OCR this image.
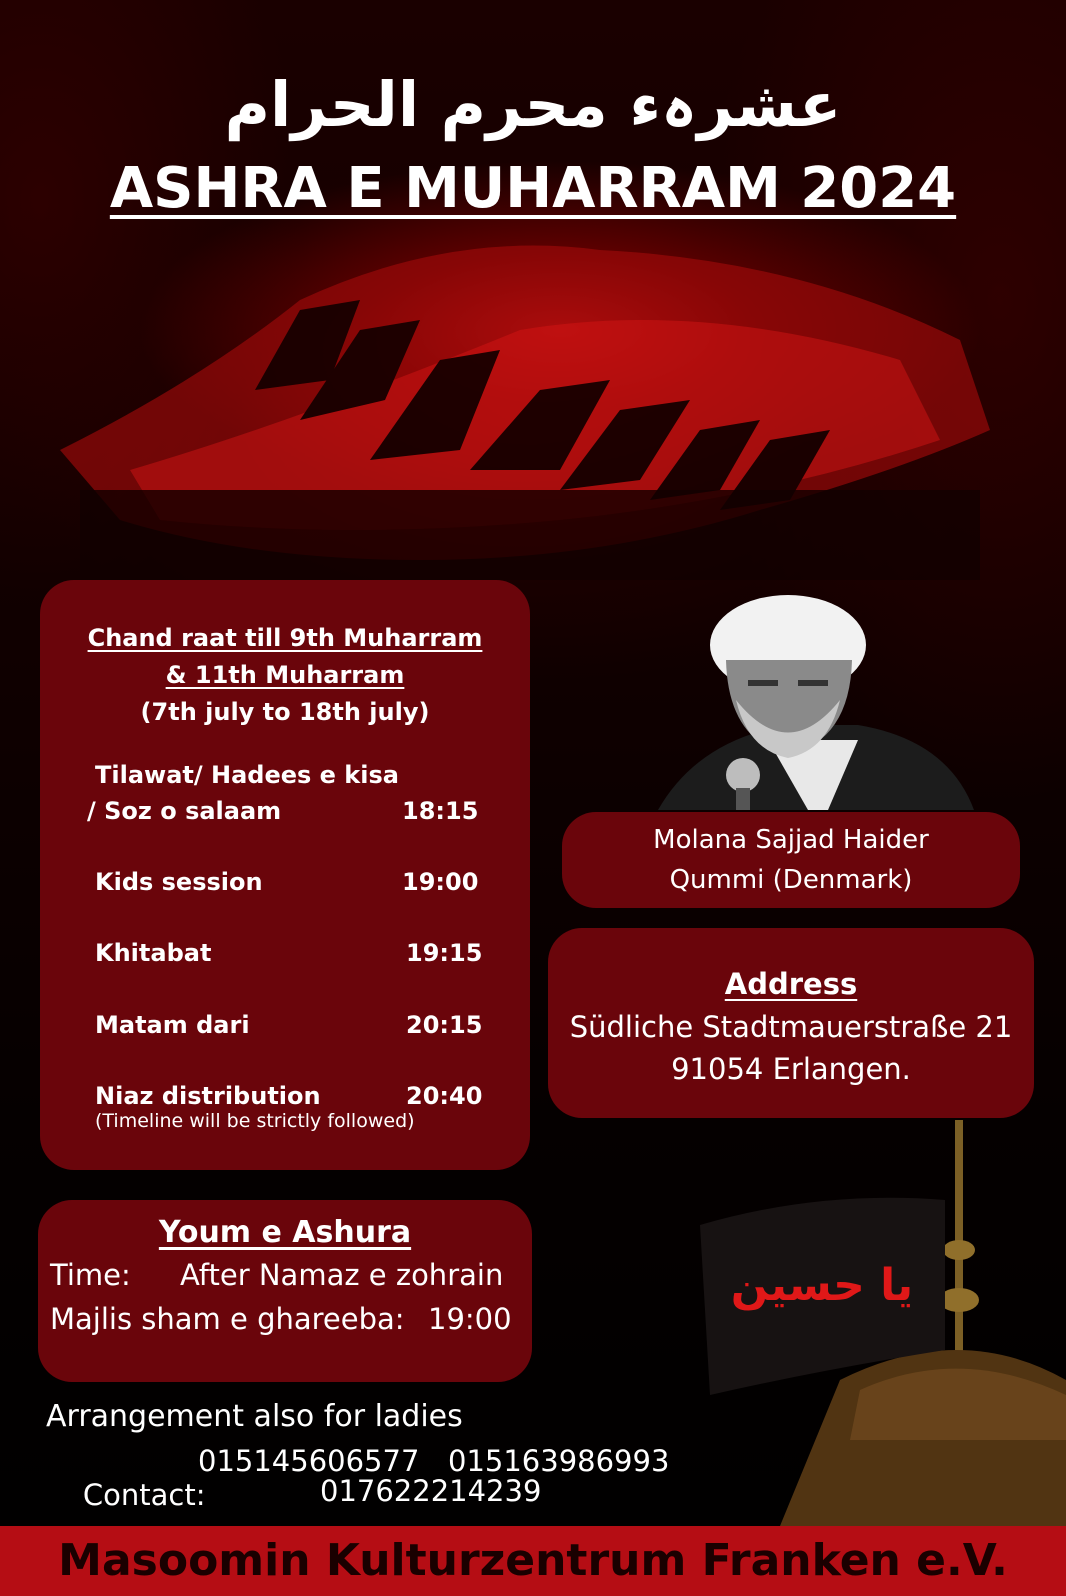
يا حسين
عشرہء محرم الحرام
ASHRA E MUHARRAM 2024
Chand raat till 9th Muharram
& 11th Muharram
(7th july to 18th july)
Tilawat/ Hadees e kisa
/ Soz o salaam	18:15
Kids session	19:00
Khitabat	19:15
Matam dari	20:15
Niaz distribution	20:40
(Timeline will be strictly followed)
Molana Sajjad Haider
Qummi (Denmark)
Address
Südliche Stadtmauerstraße 21
91054 Erlangen.
Youm e Ashura
Time: After Namaz e zohrain
Majlis sham e ghareeba: 19:00
Arrangement also for ladies

Contact:

015145606577

015163986993

017622214239
Masoomin Kulturzentrum Franken e.V.
